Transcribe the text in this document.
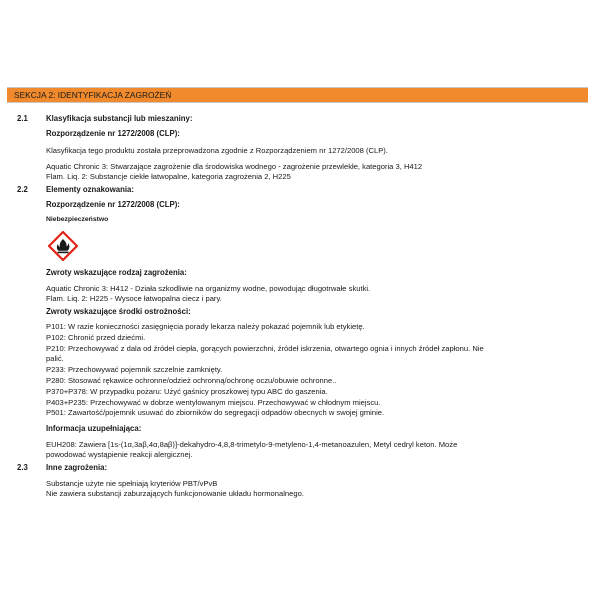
SEKCJA 2: IDENTYFIKACJA ZAGROŻEŃ
2.1 Klasyfikacja substancji lub mieszaniny:
Rozporządzenie nr 1272/2008 (CLP):
Klasyfikacja tego produktu została przeprowadzona zgodnie z Rozporządzeniem nr 1272/2008 (CLP).
Aquatic Chronic 3: Stwarzające zagrożenie dla środowiska wodnego - zagrożenie przewlekłe, kategoria 3, H412
Flam. Liq. 2: Substancje ciekłe łatwopalne, kategoria zagrożenia 2, H225
2.2 Elementy oznakowania:
Rozporządzenie nr 1272/2008 (CLP):
Niebezpieczeństwo
Zwroty wskazujące rodzaj zagrożenia:
Aquatic Chronic 3: H412 - Działa szkodliwie na organizmy wodne, powodując długotrwałe skutki.
Flam. Liq. 2: H225 - Wysoce łatwopalna ciecz i pary.
Zwroty wskazujące środki ostrożności:
P101: W razie konieczności zasięgnięcia porady lekarza należy pokazać pojemnik lub etykietę.
P102: Chronić przed dziećmi.
P210: Przechowywać z dala od źródeł ciepła, gorących powierzchni, źródeł iskrzenia, otwartego ognia i innych źródeł zapłonu. Nie
palić.
P233: Przechowywać pojemnik szczelnie zamknięty.
P280: Stosować rękawice ochronne/odzież ochronną/ochronę oczu/obuwie ochronne..
P370+P378: W przypadku pożaru: Użyć gaśnicy proszkowej typu ABC do gaszenia.
P403+P235: Przechowywać w dobrze wentylowanym miejscu. Przechowywać w chłodnym miejscu.
P501: Zawartość/pojemnik usuwać do zbiorników do segregacji odpadów obecnych w swojej gminie.
Informacja uzupełniająca:
EUH208: Zawiera [1s-(1α,3aβ,4α,8aβ)]-dekahydro-4,8,8-trimetylo-9-metyleno-1,4-metanoazulen, Metyl cedryl keton. Może
powodować wystąpienie reakcji alergicznej.
2.3 Inne zagrożenia:
Substancje użyte nie spełniają kryteriów PBT/vPvB
Nie zawiera substancji zaburzających funkcjonowanie układu hormonalnego.
